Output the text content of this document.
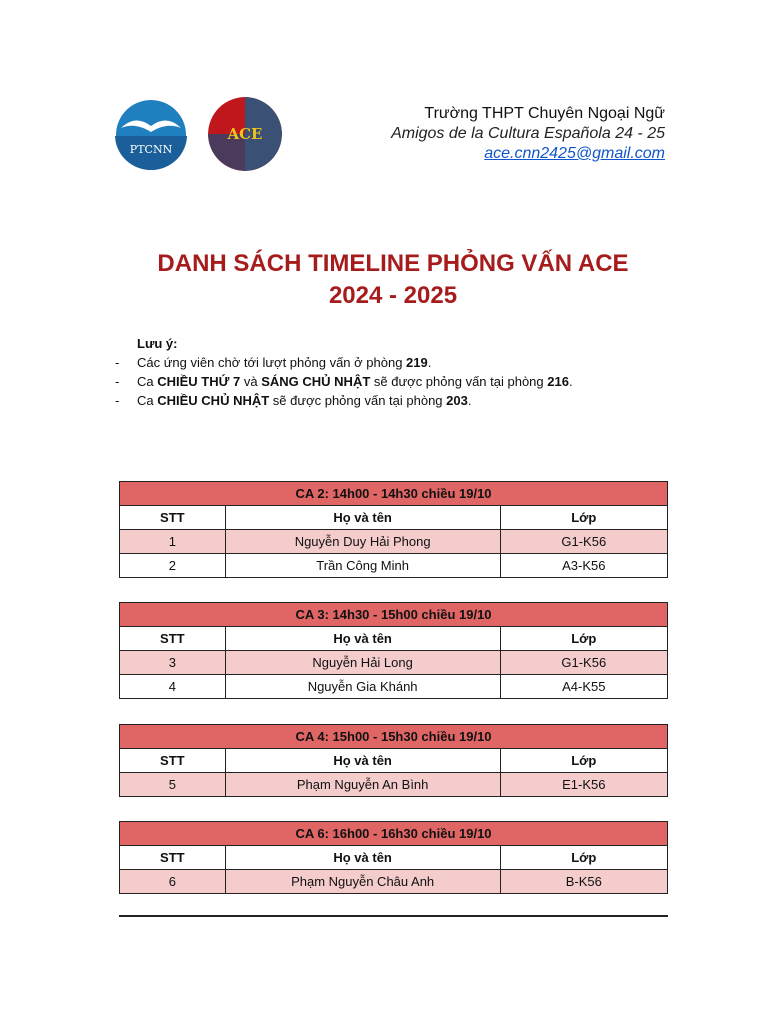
PTCNN
ACE
Trường THPT Chuyên Ngoại Ngữ
Amigos de la Cultura Española 24 - 25
ace.cnn2425@gmail.com
DANH SÁCH TIMELINE PHỎNG VẤN ACE
2024 - 2025
Lưu ý:
-	Các ứng viên chờ tới lượt phỏng vấn ở phòng 219.
-	Ca CHIỀU THỨ 7 và SÁNG CHỦ NHẬT sẽ được phỏng vấn tại phòng 216.
-	Ca CHIỀU CHỦ NHẬT sẽ được phỏng vấn tại phòng 203.
CA 2: 14h00 - 14h30 chiều 19/10		
STT	Họ và tên	Lớp
1	Nguyễn Duy Hải Phong	G1-K56
2	Trần Công Minh	A3-K56
CA 3: 14h30 - 15h00 chiều 19/10		
STT	Họ và tên	Lớp
3	Nguyễn Hải Long	G1-K56
4	Nguyễn Gia Khánh	A4-K55
CA 4: 15h00 - 15h30 chiều 19/10		
STT	Họ và tên	Lớp
5	Phạm Nguyễn An Bình	E1-K56
CA 6: 16h00 - 16h30 chiều 19/10		
STT	Họ và tên	Lớp
6	Phạm Nguyễn Châu Anh	B-K56
